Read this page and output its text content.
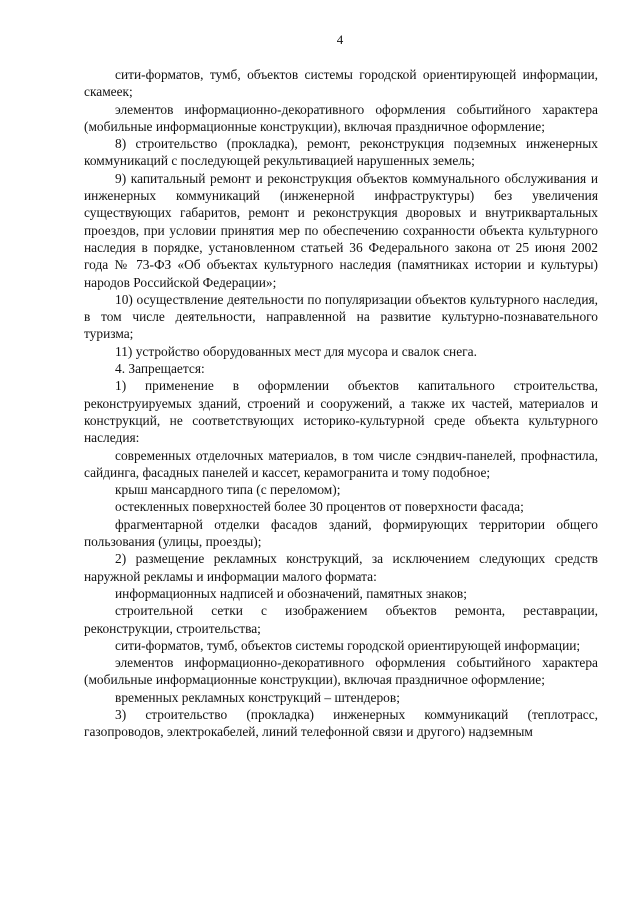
4

сити-форматов, тумб, объектов системы городской ориентирующей информации, скамеек;

элементов информационно-декоративного оформления событийного характера (мобильные информационные конструкции), включая праздничное оформление;

8) строительство (прокладка), ремонт, реконструкция подземных инженерных коммуникаций с последующей рекультивацией нарушенных земель;

9) капитальный ремонт и реконструкция объектов коммунального обслуживания и инженерных коммуникаций (инженерной инфраструктуры) без увеличения существующих габаритов, ремонт и реконструкция дворовых и внутриквартальных проездов, при условии принятия мер по обеспечению сохранности объекта культурного наследия в порядке, установленном статьей 36 Федерального закона от 25 июня 2002 года № 73-ФЗ «Об объектах культурного наследия (памятниках истории и культуры) народов Российской Федерации»;

10) осуществление деятельности по популяризации объектов культурного наследия, в том числе деятельности, направленной на развитие культурно-познавательного туризма;

11) устройство оборудованных мест для мусора и свалок снега.

4. Запрещается:

1) применение в оформлении объектов капитального строительства, реконструируемых зданий, строений и сооружений, а также их частей, материалов и конструкций, не соответствующих историко-культурной среде объекта культурного наследия:

современных отделочных материалов, в том числе сэндвич-панелей, профнастила, сайдинга, фасадных панелей и кассет, керамогранита и тому подобное;

крыш мансардного типа (с переломом);

остекленных поверхностей более 30 процентов от поверхности фасада;

фрагментарной отделки фасадов зданий, формирующих территории общего пользования (улицы, проезды);

2) размещение рекламных конструкций, за исключением следующих средств наружной рекламы и информации малого формата:

информационных надписей и обозначений, памятных знаков;

строительной сетки с изображением объектов ремонта, реставрации, реконструкции, строительства;

сити-форматов, тумб, объектов системы городской ориентирующей информации;

элементов информационно-декоративного оформления событийного характера (мобильные информационные конструкции), включая праздничное оформление;

временных рекламных конструкций – штендеров;

3) строительство (прокладка) инженерных коммуникаций (теплотрасс, газопроводов, электрокабелей, линий телефонной связи и другого) надземным
